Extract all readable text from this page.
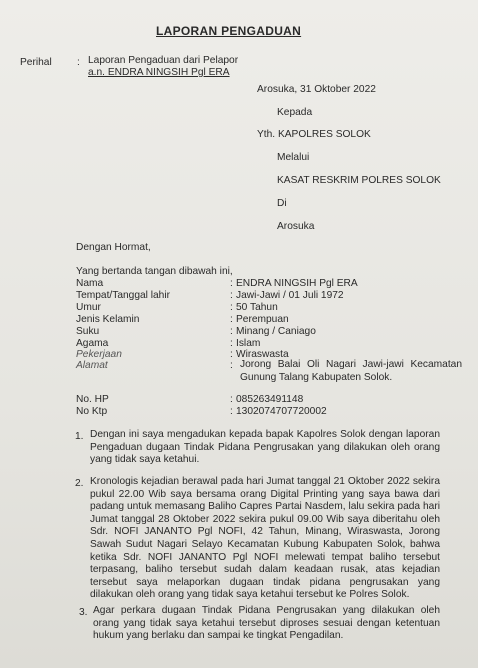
LAPORAN PENGADUAN
Perihal : Laporan Pengaduan dari Pelapor
a.n. ENDRA NINGSIH Pgl ERA
Arosuka, 31 Oktober 2022
Kepada
Yth. KAPOLRES SOLOK
Melalui
KASAT RESKRIM POLRES SOLOK
Di
Arosuka
Dengan Hormat,
Yang bertanda tangan dibawah ini,
Nama	: ENDRA NINGSIH Pgl ERA
Tempat/Tanggal lahir	: Jawi-Jawi / 01 Juli 1972
Umur	: 50 Tahun
Jenis Kelamin	: Perempuan
Suku	: Minang / Caniago
Agama	: Islam
Pekerjaan	: Wiraswasta
Alamat	: Jorong Balai Oli Nagari Jawi-jawi Kecamatan Gunung Talang Kabupaten Solok.
No. HP	: 085263491148
No Ktp	: 1302074707720002
1. Dengan ini saya mengadukan kepada bapak Kapolres Solok dengan laporan Pengaduan dugaan Tindak Pidana Pengrusakan yang dilakukan oleh orang yang tidak saya ketahui.
2. Kronologis kejadian berawal pada hari Jumat tanggal 21 Oktober 2022 sekira pukul 22.00 Wib saya bersama orang Digital Printing yang saya bawa dari padang untuk memasang Baliho Capres Partai Nasdem, lalu sekira pada hari Jumat tanggal 28 Oktober 2022 sekira pukul 09.00 Wib saya diberitahu oleh Sdr. NOFI JANANTO Pgl NOFI, 42 Tahun, Minang, Wiraswasta, Jorong Sawah Sudut Nagari Selayo Kecamatan Kubung Kabupaten Solok, bahwa ketika Sdr. NOFI JANANTO Pgl NOFI melewati tempat baliho tersebut terpasang, baliho tersebut sudah dalam keadaan rusak, atas kejadian tersebut saya melaporkan dugaan tindak pidana pengrusakan yang dilakukan oleh orang yang tidak saya ketahui tersebut ke Polres Solok.
3. Agar perkara dugaan Tindak Pidana Pengrusakan yang dilakukan oleh orang yang tidak saya ketahui tersebut diproses sesuai dengan ketentuan hukum yang berlaku dan sampai ke tingkat Pengadilan.
